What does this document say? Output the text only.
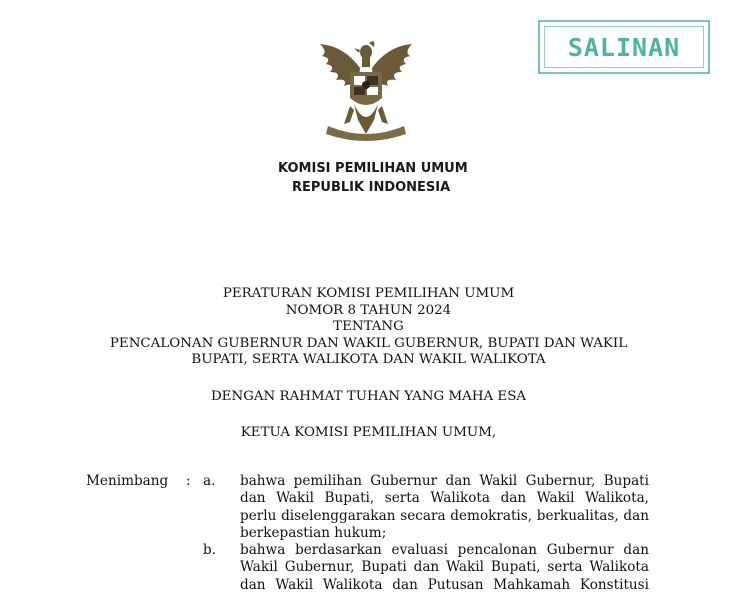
SALINAN
KOMISI PEMILIHAN UMUM
REPUBLIK INDONESIA
PERATURAN KOMISI PEMILIHAN UMUM
NOMOR 8 TAHUN 2024
TENTANG
PENCALONAN GUBERNUR DAN WAKIL GUBERNUR, BUPATI DAN WAKIL
BUPATI, SERTA WALIKOTA DAN WAKIL WALIKOTA
DENGAN RAHMAT TUHAN YANG MAHA ESA
KETUA KOMISI PEMILIHAN UMUM,
Menimbang : a. bahwa pemilihan Gubernur dan Wakil Gubernur, Bupati
dan Wakil Bupati, serta Walikota dan Wakil Walikota,
perlu diselenggarakan secara demokratis, berkualitas, dan
berkepastian hukum;
b. bahwa berdasarkan evaluasi pencalonan Gubernur dan
Wakil Gubernur, Bupati dan Wakil Bupati, serta Walikota
dan Wakil Walikota dan Putusan Mahkamah Konstitusi
